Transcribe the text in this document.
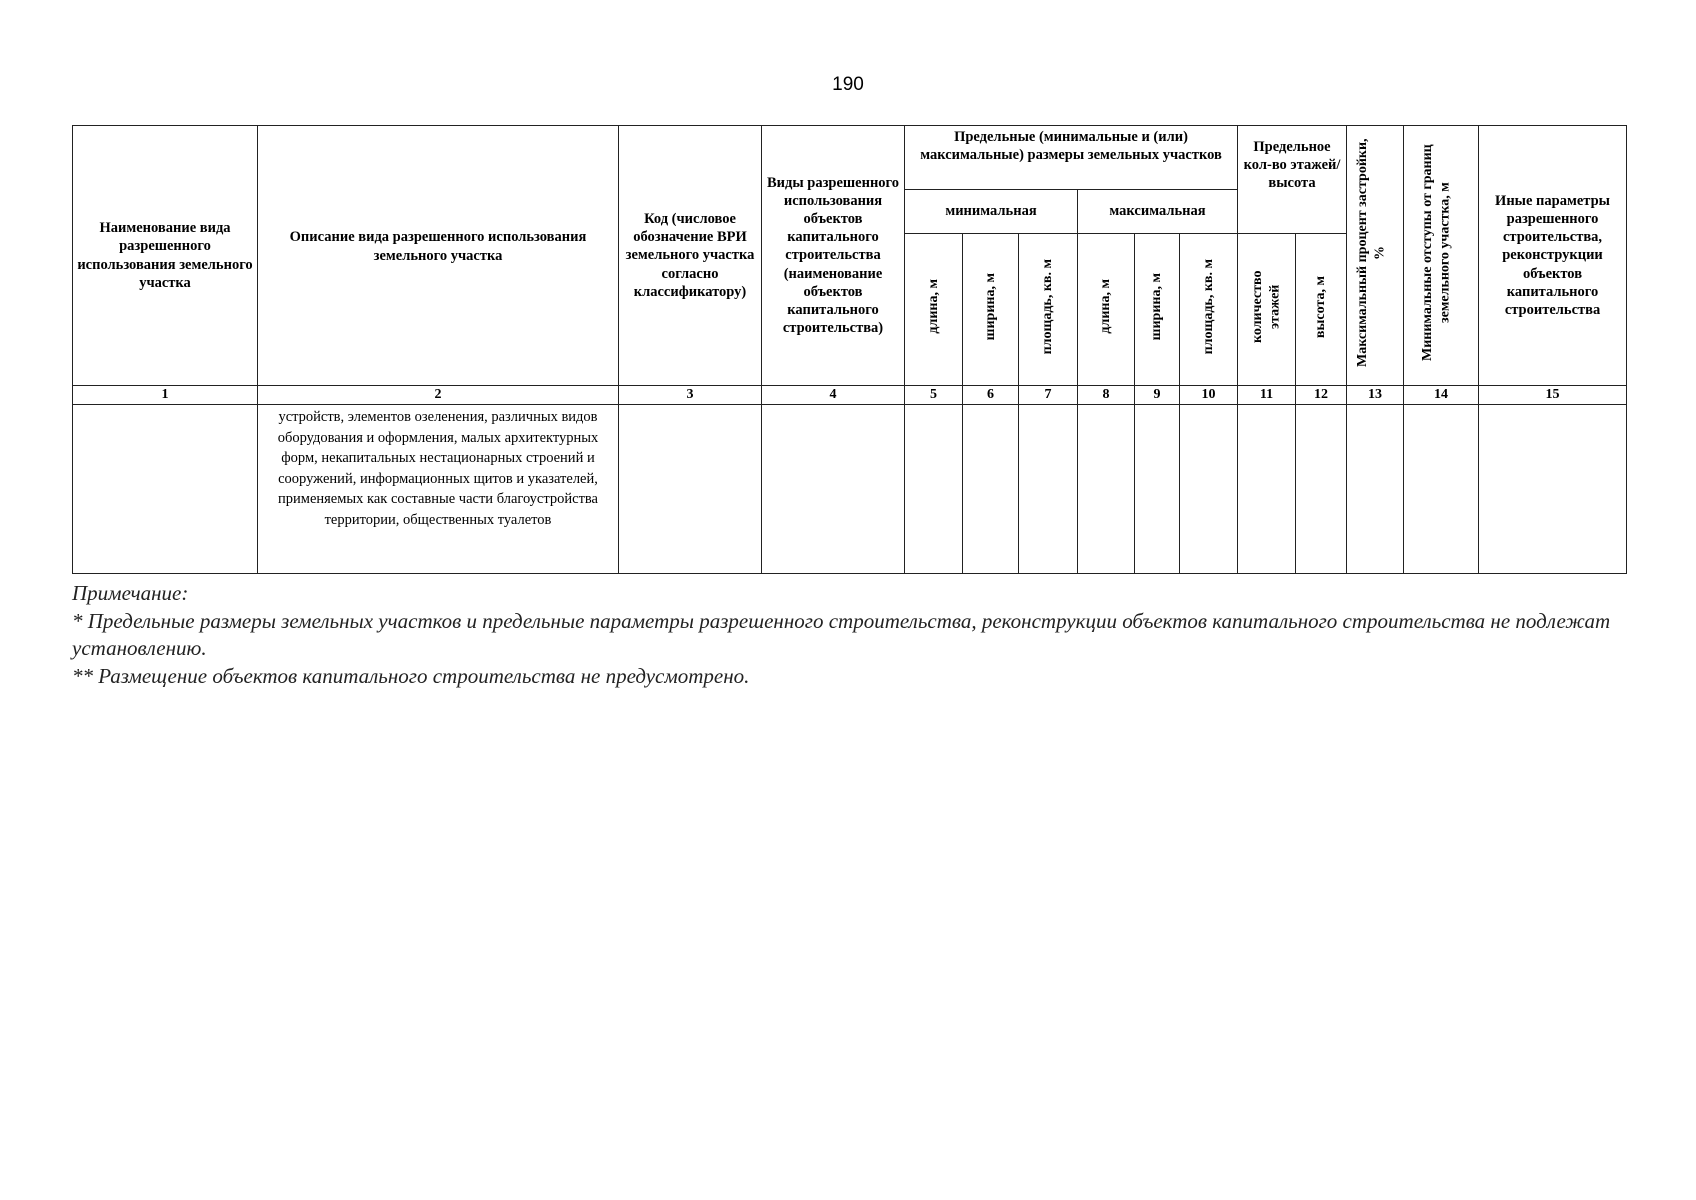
190
Наименование вида разрешенного использования земельного участка	Описание вида разрешенного использования земельного участка	Код (числовое обозначение ВРИ земельного участка согласно классификатору)	Виды разрешенного использования объектов капитального строительства (наименование объектов капитального строительства)	Предельные (минимальные и (или) максимальные) размеры земельных участков						Предельное кол-во этажей/высота		Максимальный процент застройки, %	Минимальные отступы от границ земельного участка, м	Иные параметры разрешенного строительства, реконструкции объектов капитального строительства
				минимальная			максимальная							
				длина, м	ширина, м	площадь, кв. м	длина, м	ширина, м	площадь, кв. м	количество этажей	высота, м			
1	2	3	4	5	6	7	8	9	10	11	12	13	14	15

	устройств, элементов озеленения, различных видов оборудования и оформления, малых архитектурных форм, некапитальных нестационарных строений и сооружений, информационных щитов и указателей, применяемых как составные части благоустройства территории, общественных туалетов													

Примечание:
* Предельные размеры земельных участков и предельные параметры разрешенного строительства, реконструкции объектов капитального строительства не подлежат установлению.
** Размещение объектов капитального строительства не предусмотрено.
